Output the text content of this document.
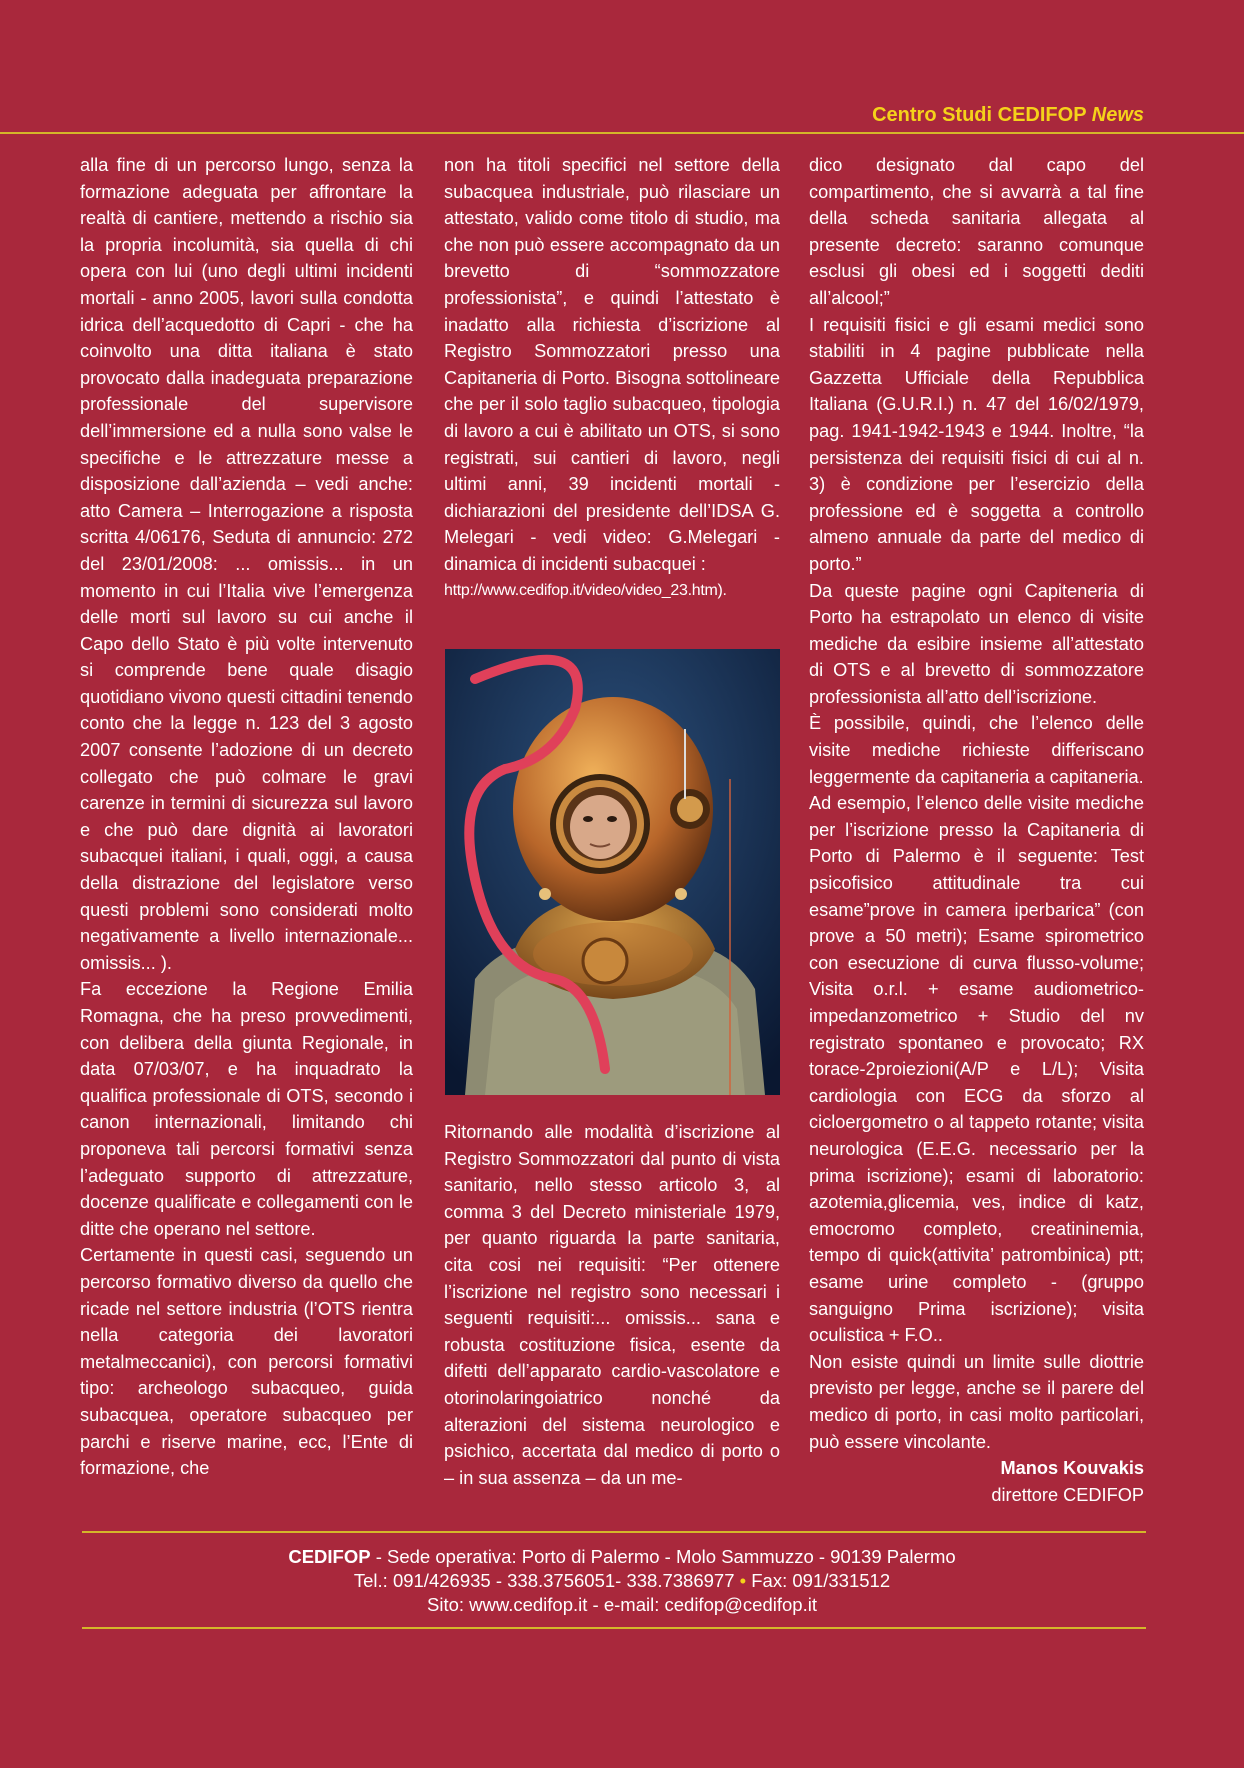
Centro Studi CEDIFOP News

alla fine di un percorso lungo, senza la formazione adeguata per affrontare la realtà di cantiere, mettendo a rischio sia la propria incolumità, sia quella di chi opera con lui (uno degli ultimi incidenti mortali - anno 2005, lavori sulla condotta idrica dell’acquedotto di Capri - che ha coinvolto una ditta italiana è stato provocato dalla inadeguata preparazione professionale del supervisore dell’immersione ed a nulla sono valse le specifiche e le attrezzature messe a disposizione dall’azienda – vedi anche: atto Camera – Interrogazione a risposta scritta 4/06176, Seduta di annuncio: 272 del 23/01/2008: ... omissis... in un momento in cui l’Italia vive l’emergenza delle morti sul lavoro su cui anche il Capo dello Stato è più volte intervenuto si comprende bene quale disagio quotidiano vivono questi cittadini tenendo conto che la legge n. 123 del 3 agosto 2007 consente l’adozione di un decreto collegato che può colmare le gravi carenze in termini di sicurezza sul lavoro e che può dare dignità ai lavoratori subacquei italiani, i quali, oggi, a causa della distrazione del legislatore verso questi problemi sono considerati molto negativamente a livello internazionale... omissis... ).

Fa eccezione la Regione Emilia Romagna, che ha preso provvedimenti, con delibera della giunta Regionale, in data 07/03/07, e ha inquadrato la qualifica professionale di OTS, secondo i canon internazionali, limitando chi proponeva tali percorsi formativi senza l’adeguato supporto di attrezzature, docenze qualificate e collegamenti con le ditte che operano nel settore.

Certamente in questi casi, seguendo un percorso formativo diverso da quello che ricade nel settore industria (l’OTS rientra nella categoria dei lavoratori metalmeccanici), con percorsi formativi tipo: archeologo subacqueo, guida subacquea, operatore subacqueo per parchi e riserve marine, ecc, l’Ente di formazione, che

non ha titoli specifici nel settore della subacquea industriale, può rilasciare un attestato, valido come titolo di studio, ma che non può essere accompagnato da un brevetto di “sommozzatore professionista”, e quindi l’attestato è inadatto alla richiesta d’iscrizione al Registro Sommozzatori presso una Capitaneria di Porto. Bisogna sottolineare che per il solo taglio subacqueo, tipologia di lavoro a cui è abilitato un OTS, si sono registrati, sui cantieri di lavoro, negli ultimi anni, 39 incidenti mortali - dichiarazioni del presidente dell’IDSA G. Melegari - vedi video: G.Melegari - dinamica di incidenti subacquei :

http://www.cedifop.it/video/video_23.htm).

Ritornando alle modalità d’iscrizione al Registro Sommozzatori dal punto di vista sanitario, nello stesso articolo 3, al comma 3 del Decreto ministeriale 1979, per quanto riguarda la parte sanitaria, cita cosi nei requisiti: “Per ottenere l’iscrizione nel registro sono necessari i seguenti requisiti:... omissis... sana e robusta costituzione fisica, esente da difetti dell’apparato cardio-vascolatore e otorinolaringoiatrico nonché da alterazioni del sistema neurologico e psichico, accertata dal medico di porto o – in sua assenza – da un me-

dico designato dal capo del compartimento, che si avvarrà a tal fine della scheda sanitaria allegata al presente decreto: saranno comunque esclusi gli obesi ed i soggetti dediti all’alcool;”

I requisiti fisici e gli esami medici sono stabiliti in 4 pagine pubblicate nella Gazzetta Ufficiale della Repubblica Italiana (G.U.R.I.) n. 47 del 16/02/1979, pag. 1941-1942-1943 e 1944. Inoltre, “la persistenza dei requisiti fisici di cui al n. 3) è condizione per l’esercizio della professione ed è soggetta a controllo almeno annuale da parte del medico di porto.”

Da queste pagine ogni Capiteneria di Porto ha estrapolato un elenco di visite mediche da esibire insieme all’attestato di OTS e al brevetto di sommozzatore professionista all’atto dell’iscrizione.

È possibile, quindi, che l’elenco delle visite mediche richieste differiscano leggermente da capitaneria a capitaneria.

Ad esempio, l’elenco delle visite mediche per l’iscrizione presso la Capitaneria di Porto di Palermo è il seguente: Test psicofisico attitudinale tra cui esame”prove in camera iperbarica” (con prove a 50 metri); Esame spirometrico con esecuzione di curva flusso-volume; Visita o.r.l. + esame audiometrico-impedanzometrico + Studio del nv registrato spontaneo e provocato; RX torace-2proiezioni(A/P e L/L); Visita cardiologia con ECG da sforzo al cicloergometro o al tappeto rotante; visita neurologica (E.E.G. necessario per la prima iscrizione); esami di laboratorio: azotemia,glicemia, ves, indice di katz, emocromo completo, creatininemia, tempo di quick(attivita’ patrombinica) ptt; esame urine completo - (gruppo sanguigno Prima iscrizione); visita oculistica + F.O..

Non esiste quindi un limite sulle diottrie previsto per legge, anche se il parere del medico di porto, in casi molto particolari, può essere vincolante.

Manos Kouvakis

direttore CEDIFOP

CEDIFOP - Sede operativa: Porto di Palermo - Molo Sammuzzo - 90139 Palermo
Tel.: 091/426935 - 338.3756051- 338.7386977 • Fax: 091/331512
Sito: www.cedifop.it - e-mail: cedifop@cedifop.it
